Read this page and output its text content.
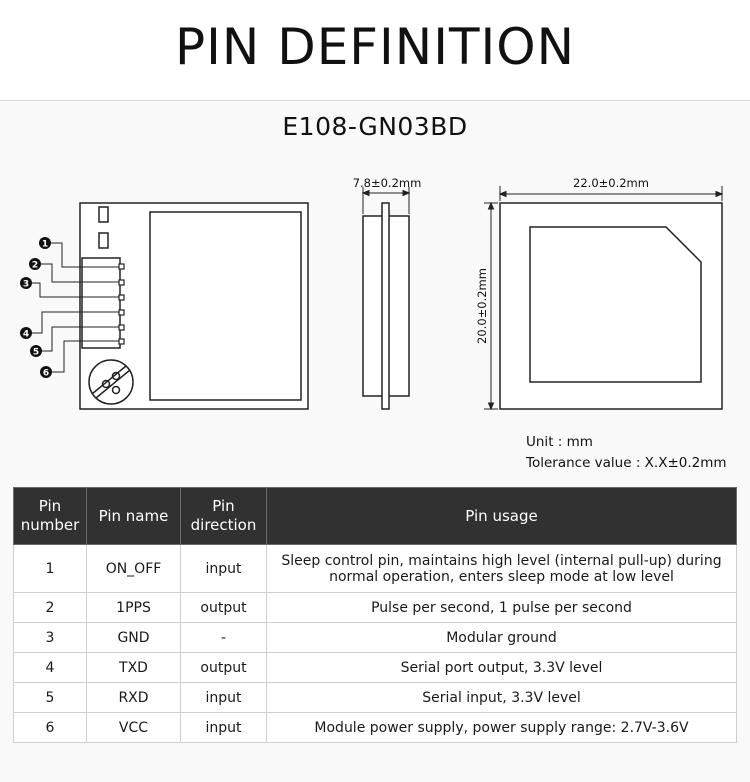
PIN DEFINITION
E108-GN03BD
1
2
3
4
5
6
7.8±0.2mm	22.0±0.2mm
20.0±0.2mm
Unit : mm
Tolerance value : X.X±0.2mm
Pin number	Pin name	Pin direction	Pin usage
1	ON_OFF	input	Sleep control pin, maintains high level (internal pull-up) during normal operation, enters sleep mode at low level
2	1PPS	output	Pulse per second, 1 pulse per second
3	GND	-	Modular ground
4	TXD	output	Serial port output, 3.3V level
5	RXD	input	Serial input, 3.3V level
6	VCC	input	Module power supply, power supply range: 2.7V-3.6V
